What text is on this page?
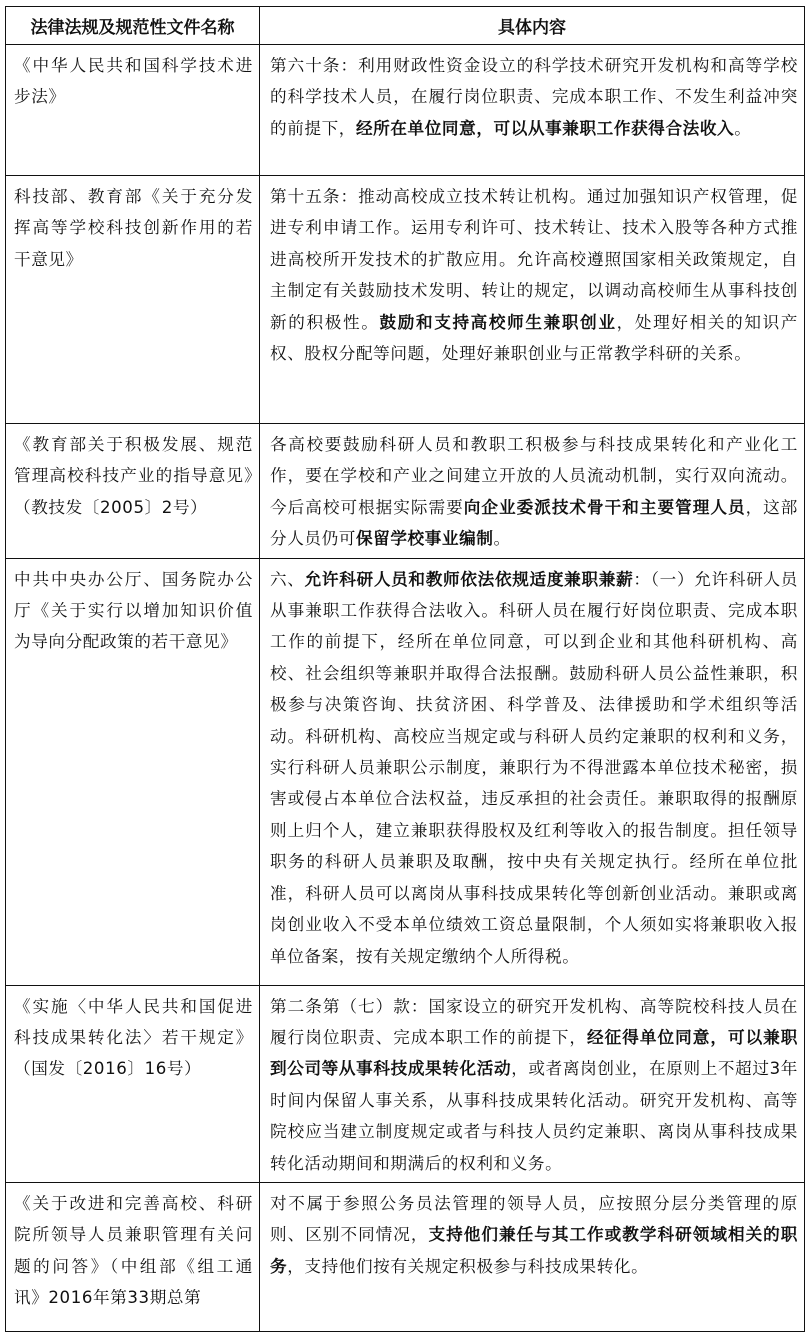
法律法规及规范性文件名称	具体内容
《中华人民共和国科学技术进步法》	第六十条：利用财政性资金设立的科学技术研究开发机构和高等学校的科学技术人员，在履行岗位职责、完成本职工作、不发生利益冲突的前提下，经所在单位同意，可以从事兼职工作获得合法收入。
科技部、教育部《关于充分发挥高等学校科技创新作用的若干意见》	第十五条：推动高校成立技术转让机构。通过加强知识产权管理，促进专利申请工作。运用专利许可、技术转让、技术入股等各种方式推进高校所开发技术的扩散应用。允许高校遵照国家相关政策规定，自主制定有关鼓励技术发明、转让的规定，以调动高校师生从事科技创新的积极性。鼓励和支持高校师生兼职创业，处理好相关的知识产权、股权分配等问题，处理好兼职创业与正常教学科研的关系。
《教育部关于积极发展、规范管理高校科技产业的指导意见》（教技发〔2005〕2号）	各高校要鼓励科研人员和教职工积极参与科技成果转化和产业化工作，要在学校和产业之间建立开放的人员流动机制，实行双向流动。今后高校可根据实际需要向企业委派技术骨干和主要管理人员，这部分人员仍可保留学校事业编制。
中共中央办公厅、国务院办公厅《关于实行以增加知识价值为导向分配政策的若干意见》	六、允许科研人员和教师依法依规适度兼职兼薪：（一）允许科研人员从事兼职工作获得合法收入。科研人员在履行好岗位职责、完成本职工作的前提下，经所在单位同意，可以到企业和其他科研机构、高校、社会组织等兼职并取得合法报酬。鼓励科研人员公益性兼职，积极参与决策咨询、扶贫济困、科学普及、法律援助和学术组织等活动。科研机构、高校应当规定或与科研人员约定兼职的权利和义务，实行科研人员兼职公示制度，兼职行为不得泄露本单位技术秘密，损害或侵占本单位合法权益，违反承担的社会责任。兼职取得的报酬原则上归个人，建立兼职获得股权及红利等收入的报告制度。担任领导职务的科研人员兼职及取酬，按中央有关规定执行。经所在单位批准，科研人员可以离岗从事科技成果转化等创新创业活动。兼职或离岗创业收入不受本单位绩效工资总量限制，个人须如实将兼职收入报单位备案，按有关规定缴纳个人所得税。
《实施〈中华人民共和国促进科技成果转化法〉若干规定》（国发〔2016〕16号）	第二条第（七）款：国家设立的研究开发机构、高等院校科技人员在履行岗位职责、完成本职工作的前提下，经征得单位同意，可以兼职到公司等从事科技成果转化活动，或者离岗创业，在原则上不超过3年时间内保留人事关系，从事科技成果转化活动。研究开发机构、高等院校应当建立制度规定或者与科技人员约定兼职、离岗从事科技成果转化活动期间和期满后的权利和义务。
《关于改进和完善高校、科研院所领导人员兼职管理有关问题的问答》（中组部《组工通讯》2016年第33期总第	对不属于参照公务员法管理的领导人员，应按照分层分类管理的原则、区别不同情况，支持他们兼任与其工作或教学科研领域相关的职务，支持他们按有关规定积极参与科技成果转化。
